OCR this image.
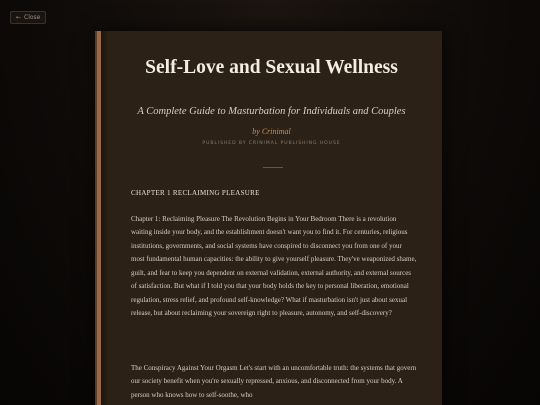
← Close
Self-Love and Sexual Wellness
A Complete Guide to Masturbation for Individuals and Couples
by Crinimal
PUBLISHED BY CRINIMAL PUBLISHING HOUSE
CHAPTER 1 RECLAIMING PLEASURE

Chapter 1: Reclaiming Pleasure The Revolution Begins in Your Bedroom There is a revolution waiting inside your body, and the establishment doesn't want you to find it. For centuries, religious institutions, governments, and social systems have conspired to disconnect you from one of your most fundamental human capacities: the ability to give yourself pleasure. They've weaponized shame, guilt, and fear to keep you dependent on external validation, external authority, and external sources of satisfaction. But what if I told you that your body holds the key to personal liberation, emotional regulation, stress relief, and profound self-knowledge? What if masturbation isn't just about sexual release, but about reclaiming your sovereign right to pleasure, autonomy, and self-discovery?

The Conspiracy Against Your Orgasm Let's start with an uncomfortable truth: the systems that govern our society benefit when you're sexually repressed, anxious, and disconnected from your body. A person who knows how to self-soothe, who
